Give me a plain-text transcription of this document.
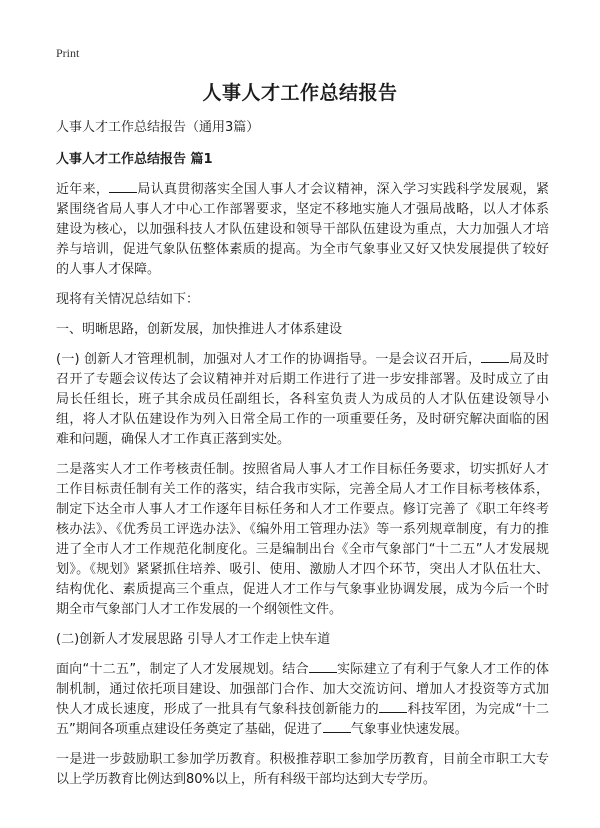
Print
人事人才工作总结报告

人事人才工作总结报告（通用3篇）

人事人才工作总结报告 篇1

近年来， 局认真贯彻落实全国人事人才会议精神，深入学习实践科学发展观，紧紧围绕省局人事人才中心工作部署要求，坚定不移地实施人才强局战略，以人才体系建设为核心，以加强科技人才队伍建设和领导干部队伍建设为重点，大力加强人才培养与培训，促进气象队伍整体素质的提高。为全市气象事业又好又快发展提供了较好的人事人才保障。

现将有关情况总结如下：

一、明晰思路，创新发展，加快推进人才体系建设

(一) 创新人才管理机制，加强对人才工作的协调指导。一是会议召开后， 局及时召开了专题会议传达了会议精神并对后期工作进行了进一步安排部署。及时成立了由局长任组长，班子其余成员任副组长，各科室负责人为成员的人才队伍建设领导小组，将人才队伍建设作为列入日常全局工作的一项重要任务，及时研究解决面临的困难和问题，确保人才工作真正落到实处。

二是落实人才工作考核责任制。按照省局人事人才工作目标任务要求，切实抓好人才工作目标责任制有关工作的落实，结合我市实际，完善全局人才工作目标考核体系，制定下达全市人事人才工作逐年目标任务和人才工作要点。修订完善了《职工年终考核办法》、《优秀员工评选办法》、《编外用工管理办法》等一系列规章制度，有力的推进了全市人才工作规范化制度化。三是编制出台《全市气象部门“十二五”人才发展规划》。《规划》紧紧抓住培养、吸引、使用、激励人才四个环节，突出人才队伍壮大、结构优化、素质提高三个重点，促进人才工作与气象事业协调发展，成为今后一个时期全市气象部门人才工作发展的一个纲领性文件。

(二)创新人才发展思路 引导人才工作走上快车道

面向“十二五”，制定了人才发展规划。结合 实际建立了有利于气象人才工作的体制机制，通过依托项目建设、加强部门合作、加大交流访问、增加人才投资等方式加快人才成长速度，形成了一批具有气象科技创新能力的 科技军团，为完成“十二五”期间各项重点建设任务奠定了基础，促进了 气象事业快速发展。

一是进一步鼓励职工参加学历教育。积极推荐职工参加学历教育，目前全市职工大专以上学历教育比例达到80%以上，所有科级干部均达到大专学历。
